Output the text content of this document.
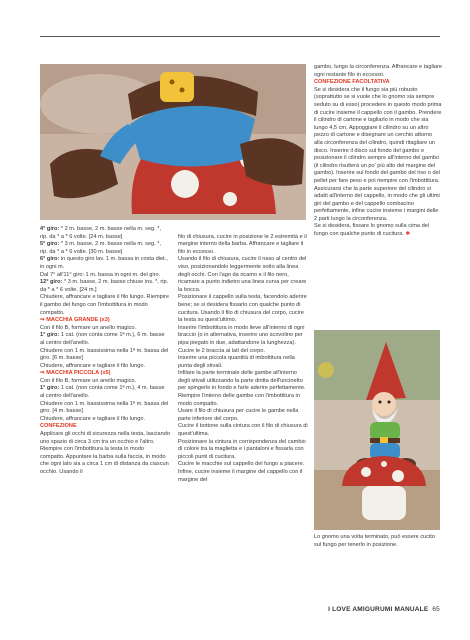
4° giro: * 2 m. basse, 2 m. basse nella m. seg. *, rip. da * a * 6 volte. [24 m. basse]

5° giro: * 3 m. basse, 2 m. basse nella m. seg. *, rip. da * a * 6 volte. [30 m. basse]

6° giro: in questo giro lav. 1 m. bassa in costa diet., in ogni m.

Dal 7° all'11° giro: 1 m. bassa in ogni m. del giro.

12° giro: * 3 m. basse, 2 m. basse chiuse ins. *, rip. da * a * 6 volte. [24 m.]

Chiudere, affrancare e tagliare il filo lungo. Riempire il gambo del fungo con l'imbottitura in modo compatto.

⇒ MACCHIA GRANDE (x3)

Con il filo B, formare un anello magico.

1° giro: 1 cat. (non conta come 1ª m.), 6 m. basse al centro dell'anello.

Chiudere con 1 m. bassissima nella 1ª m. bassa del giro. [6 m. basse]

Chiudere, affrancare e tagliare il filo lungo.

⇒ MACCHIA PICCOLA (x5)

Con il filo B, formare un anello magico.

1° giro: 1 cat. (non conta come 1ª m.), 4 m. basse al centro dell'anello.

Chiudere con 1 m. bassissima nella 1ª m. bassa del giro. [4 m. basse]

Chiudere, affrancare e tagliare il filo lungo.

CONFEZIONE

Applicare gli occhi di sicurezza nella testa, lasciando uno spazio di circa 3 cm tra un occhio e l'altro. Riempire con l'imbottitura la testa in modo compatto. Appuntare la barba sulla faccia, in modo che ogni lato sia a circa 1 cm di distanza da ciascun occhio. Usando il

filo di chiusura, cucire in posizione le 2 estremità e il margine interno della barba. Affrancare e tagliare il filo in eccesso.
Usando il filo di chiusura, cucire il naso al centro del viso, posizionandolo leggermente sotto alla linea degli occhi. Con l'ago da ricamo e il filo nero, ricamare a punto indietro una linea curva per creare la bocca.
Posizionare il cappello sulla testa, facendolo aderire bene; se si desidera fissarlo con qualche punto di cucitura. Usando il filo di chiusura del corpo, cucire la testa su quest'ultimo.
Inserire l'imbottitura in modo lieve all'interno di ogni braccio (o in alternativa, inserire uno scovolino per pipa piegato in due, adattandone la lunghezza).
Cucire le 2 braccia ai lati del corpo.
Inserire una piccola quantità di imbottitura nella punta degli stivali.
Infilare la parte terminale delle gambe all'interno degli stivali utilizzando la parte diritta dell'uncinetto per spingerle in fondo e farle aderire perfettamente.
Riempire l'interno delle gambe con l'imbottitura in modo compatto.
Usare il filo di chiusura per cucire le gambe nella parte inferiore del corpo.
Cucire il bottone sulla cintura con il filo di chiusura di quest'ultima.
Posizionare la cintura in corrispondenza del cambio di colore tra la maglietta e i pantaloni e fissarla con piccoli punti di cucitura.
Cucire le macchie sul cappello del fungo a piacere. Infine, cucire insieme il margine del cappello con il margine del

gambo, lungo la circonferenza. Affrancare e tagliare ogni restante filo in eccesso.

CONFEZIONE FACOLTATIVA

Se si desidera che il fungo sia più robusto (soprattutto se si vuole che lo gnomo sia sempre seduto su di esso) procedere in questo modo prima di cucire insieme il cappello con il gambo. Prendere il cilindro di cartone e tagliarlo in modo che sia lungo 4,5 cm. Appoggiare il cilindro su un altro pezzo di cartone e disegnare un cerchio attorno alla circonferenza del cilindro, quindi ritagliare un disco. Inserire il disco sul fondo del gambo e posizionare il cilindro sempre all'interno del gambo (il cilindro risulterà un po' più alto del margine del gambo). Inserire sul fondo del gambo del riso o del pellet per fare peso e poi riempire con l'imbottitura. Assicurarsi che la parte superiore del cilindro si adatti all'interno del cappello, in modo che gli ultimi giri del gambo e del cappello combacino perfettamente, infine cucire insieme i margini delle 2 parti lungo la circonferenza.
Se si desidera, fissare lo gnomo sulla cima del fungo con qualche punto di cucitura. ✱

Lo gnomo una volta terminato, può essere cucito sul fungo per tenerlo in posizione.

I LOVE AMIGURUMI MANUALE 65
